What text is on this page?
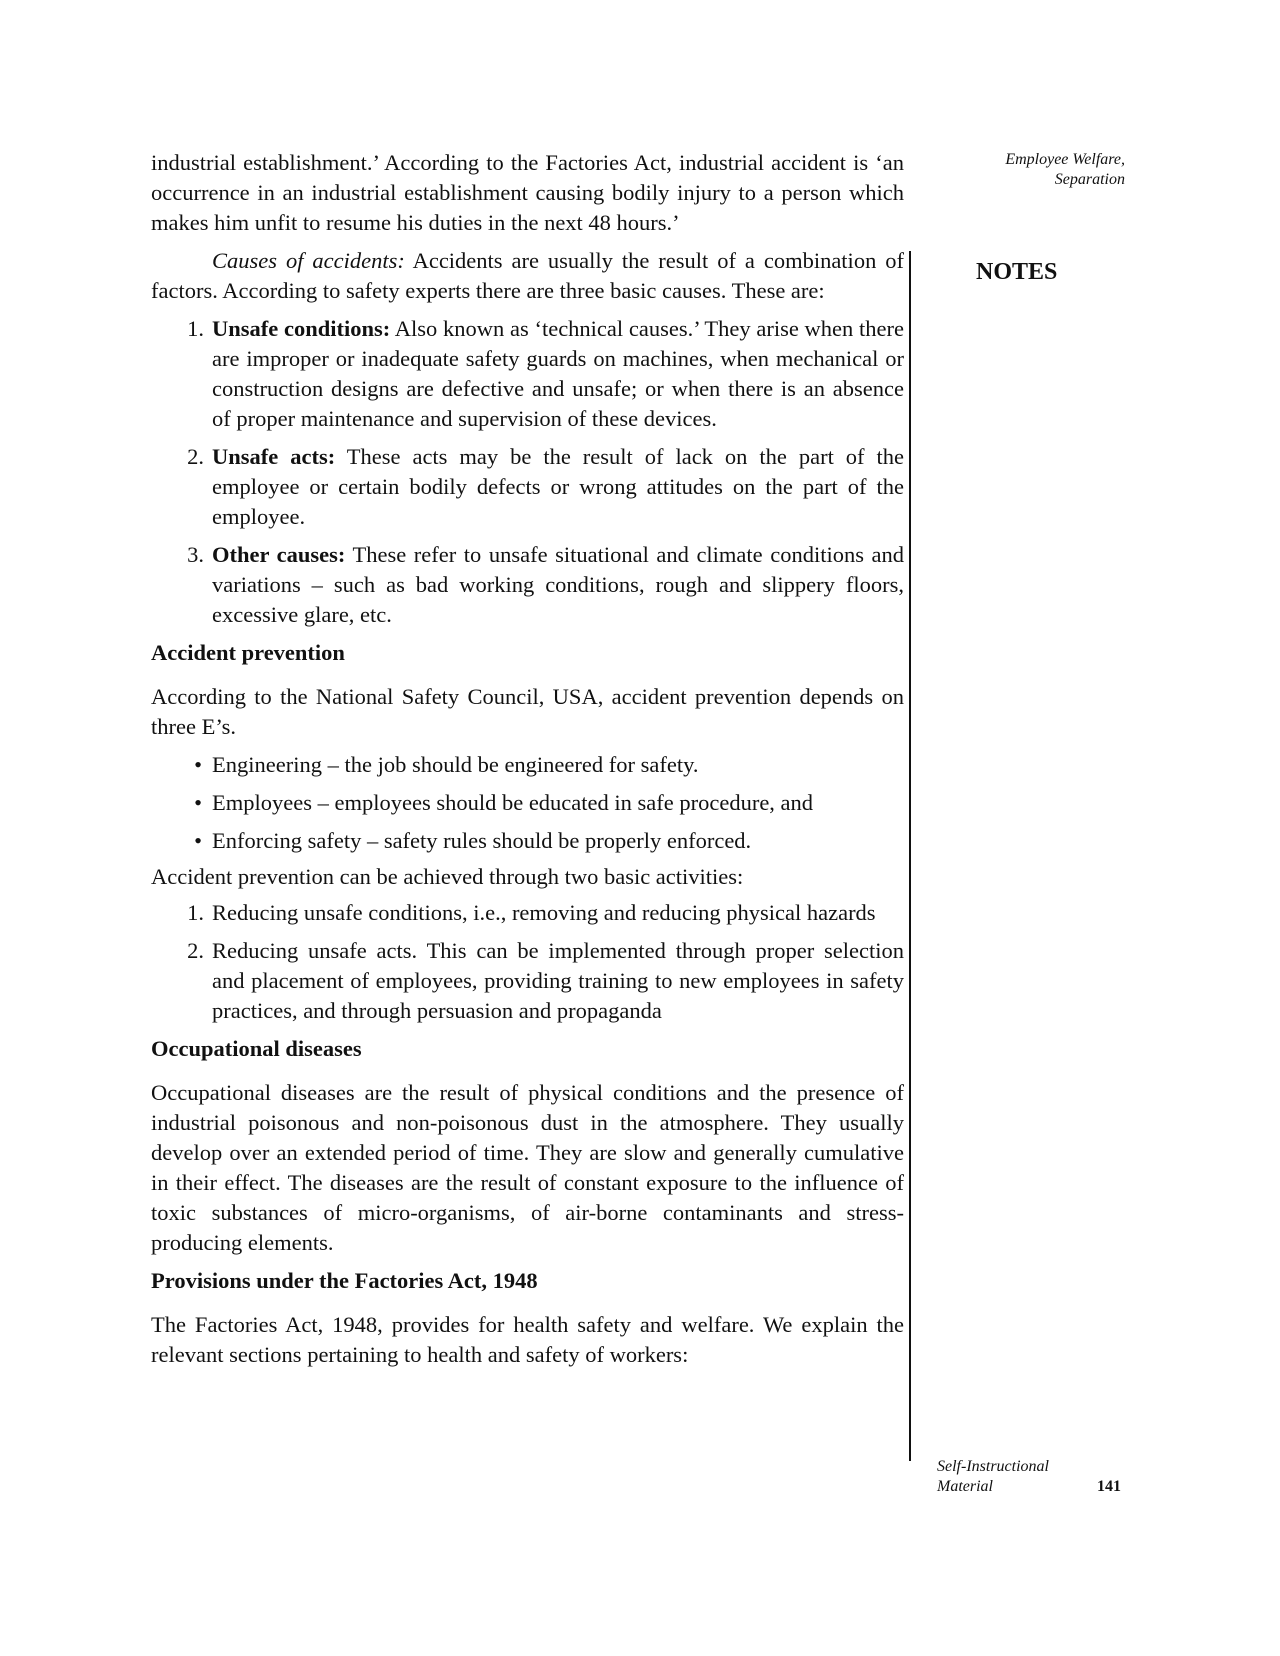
Employee Welfare,
Separation
NOTES

industrial establishment.’ According to the Factories Act, industrial accident is ‘an occurrence in an industrial establishment causing bodily injury to a person which makes him unfit to resume his duties in the next 48 hours.’

Causes of accidents: Accidents are usually the result of a combination of factors. According to safety experts there are three basic causes. These are:

1. Unsafe conditions: Also known as ‘technical causes.’ They arise when there are improper or inadequate safety guards on machines, when mechanical or construction designs are defective and unsafe; or when there is an absence of proper maintenance and supervision of these devices.
2. Unsafe acts: These acts may be the result of lack on the part of the employee or certain bodily defects or wrong attitudes on the part of the employee.
3. Other causes: These refer to unsafe situational and climate conditions and variations – such as bad working conditions, rough and slippery floors, excessive glare, etc.

Accident prevention

According to the National Safety Council, USA, accident prevention depends on three E’s.

• Engineering – the job should be engineered for safety.
• Employees – employees should be educated in safe procedure, and
• Enforcing safety – safety rules should be properly enforced.

Accident prevention can be achieved through two basic activities:

1. Reducing unsafe conditions, i.e., removing and reducing physical hazards
2. Reducing unsafe acts. This can be implemented through proper selection and placement of employees, providing training to new employees in safety practices, and through persuasion and propaganda

Occupational diseases

Occupational diseases are the result of physical conditions and the presence of industrial poisonous and non-poisonous dust in the atmosphere. They usually develop over an extended period of time. They are slow and generally cumulative in their effect. The diseases are the result of constant exposure to the influence of toxic substances of micro-organisms, of air-borne contaminants and stress-producing elements.

Provisions under the Factories Act, 1948

The Factories Act, 1948, provides for health safety and welfare. We explain the relevant sections pertaining to health and safety of workers:

Self-Instructional
Material	141
